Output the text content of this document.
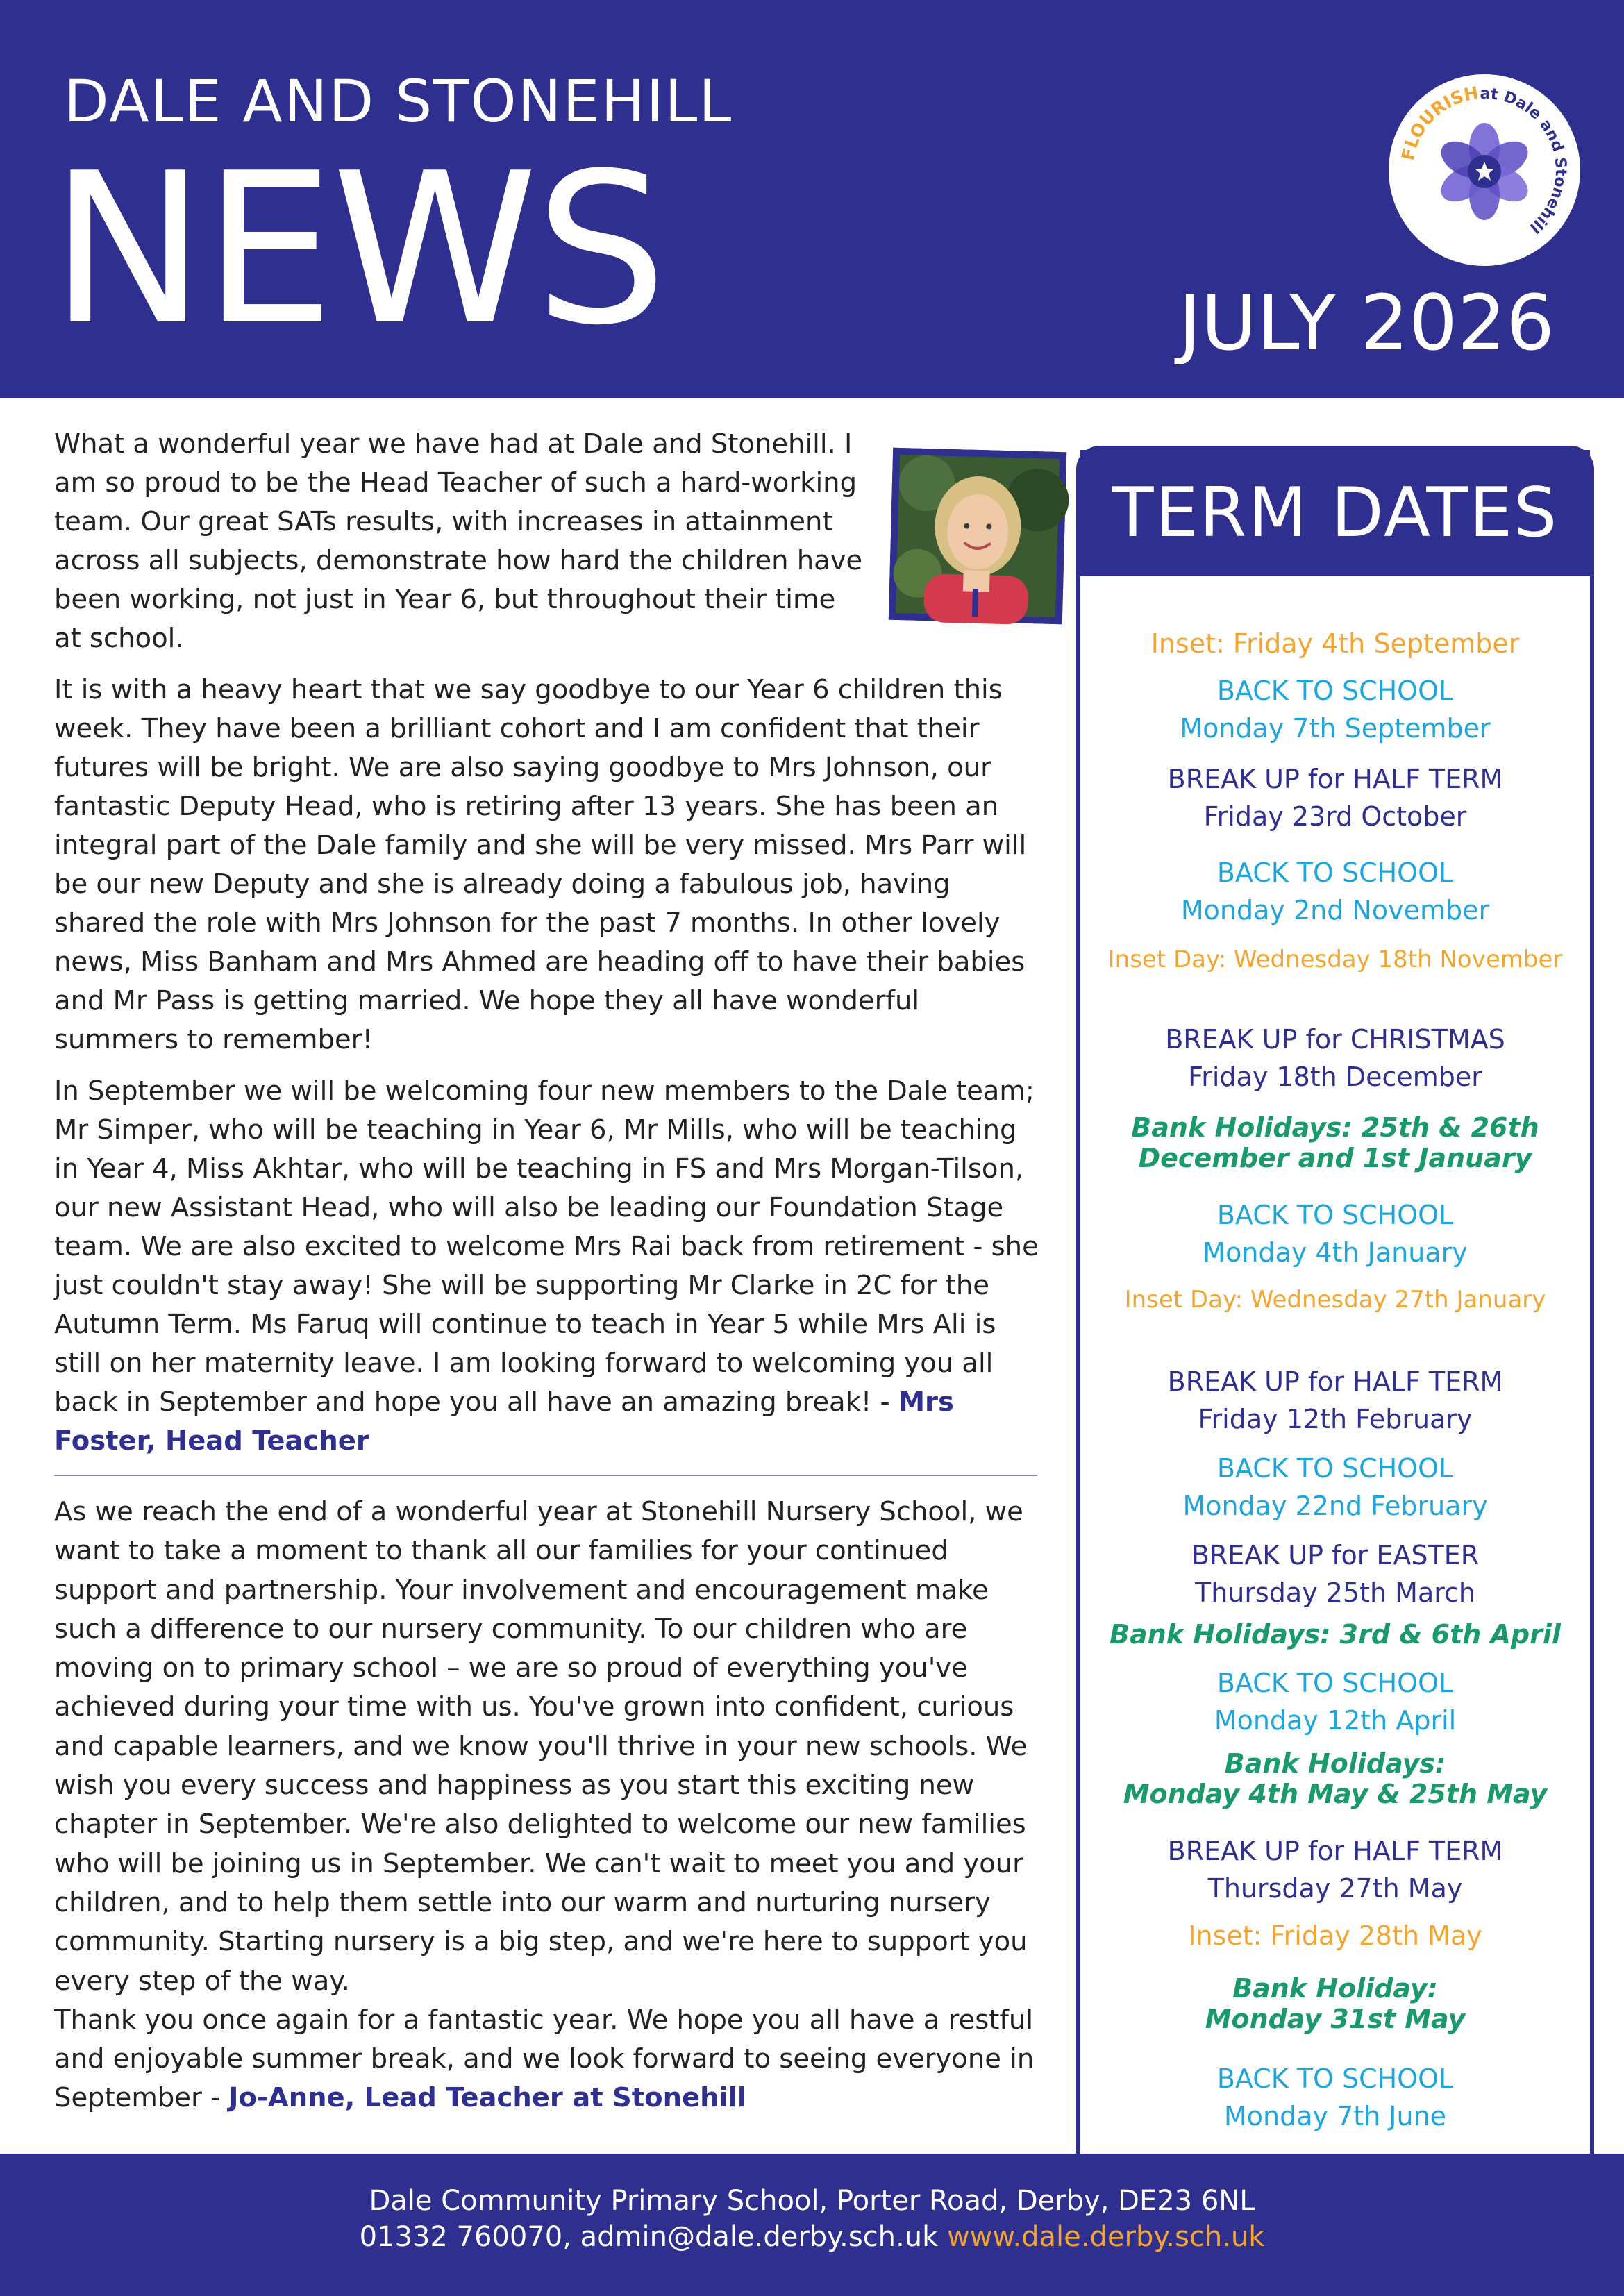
DALE AND STONEHILL
NEWS	JULY 2026
FLOURISH at Dale and Stonehill

What a wonderful year we have had at Dale and Stonehill. I am so proud to be the Head Teacher of such a hard-working team. Our great SATs results, with increases in attainment across all subjects, demonstrate how hard the children have been working, not just in Year 6, but throughout their time at school.

It is with a heavy heart that we say goodbye to our Year 6 children this week. They have been a brilliant cohort and I am confident that their futures will be bright. We are also saying goodbye to Mrs Johnson, our fantastic Deputy Head, who is retiring after 13 years. She has been an integral part of the Dale family and she will be very missed. Mrs Parr will be our new Deputy and she is already doing a fabulous job, having shared the role with Mrs Johnson for the past 7 months. In other lovely news, Miss Banham and Mrs Ahmed are heading off to have their babies and Mr Pass is getting married. We hope they all have wonderful summers to remember!

In September we will be welcoming four new members to the Dale team; Mr Simper, who will be teaching in Year 6, Mr Mills, who will be teaching in Year 4, Miss Akhtar, who will be teaching in FS and Mrs Morgan-Tilson, our new Assistant Head, who will also be leading our Foundation Stage team. We are also excited to welcome Mrs Rai back from retirement - she just couldn't stay away! She will be supporting Mr Clarke in 2C for the Autumn Term. Ms Faruq will continue to teach in Year 5 while Mrs Ali is still on her maternity leave. I am looking forward to welcoming you all back in September and hope you all have an amazing break! - Mrs Foster, Head Teacher

As we reach the end of a wonderful year at Stonehill Nursery School, we want to take a moment to thank all our families for your continued support and partnership. Your involvement and encouragement make such a difference to our nursery community. To our children who are moving on to primary school – we are so proud of everything you've achieved during your time with us. You've grown into confident, curious and capable learners, and we know you'll thrive in your new schools. We wish you every success and happiness as you start this exciting new chapter in September. We're also delighted to welcome our new families who will be joining us in September. We can't wait to meet you and your children, and to help them settle into our warm and nurturing nursery community. Starting nursery is a big step, and we're here to support you every step of the way.

Thank you once again for a fantastic year. We hope you all have a restful and enjoyable summer break, and we look forward to seeing everyone in September - Jo-Anne, Lead Teacher at Stonehill

TERM DATES
Inset: Friday 4th September
BACK TO SCHOOL
Monday 7th September
BREAK UP for HALF TERM
Friday 23rd October
BACK TO SCHOOL
Monday 2nd November
Inset Day: Wednesday 18th November
BREAK UP for CHRISTMAS
Friday 18th December
Bank Holidays: 25th & 26th
December and 1st January
BACK TO SCHOOL
Monday 4th January
Inset Day: Wednesday 27th January
BREAK UP for HALF TERM
Friday 12th February
BACK TO SCHOOL
Monday 22nd February
BREAK UP for EASTER
Thursday 25th March
Bank Holidays: 3rd & 6th April
BACK TO SCHOOL
Monday 12th April
Bank Holidays:
Monday 4th May & 25th May
BREAK UP for HALF TERM
Thursday 27th May
Inset: Friday 28th May
Bank Holiday:
Monday 31st May
BACK TO SCHOOL
Monday 7th June
Dale Community Primary School, Porter Road, Derby, DE23 6NL
01332 760070, admin@dale.derby.sch.uk www.dale.derby.sch.uk
